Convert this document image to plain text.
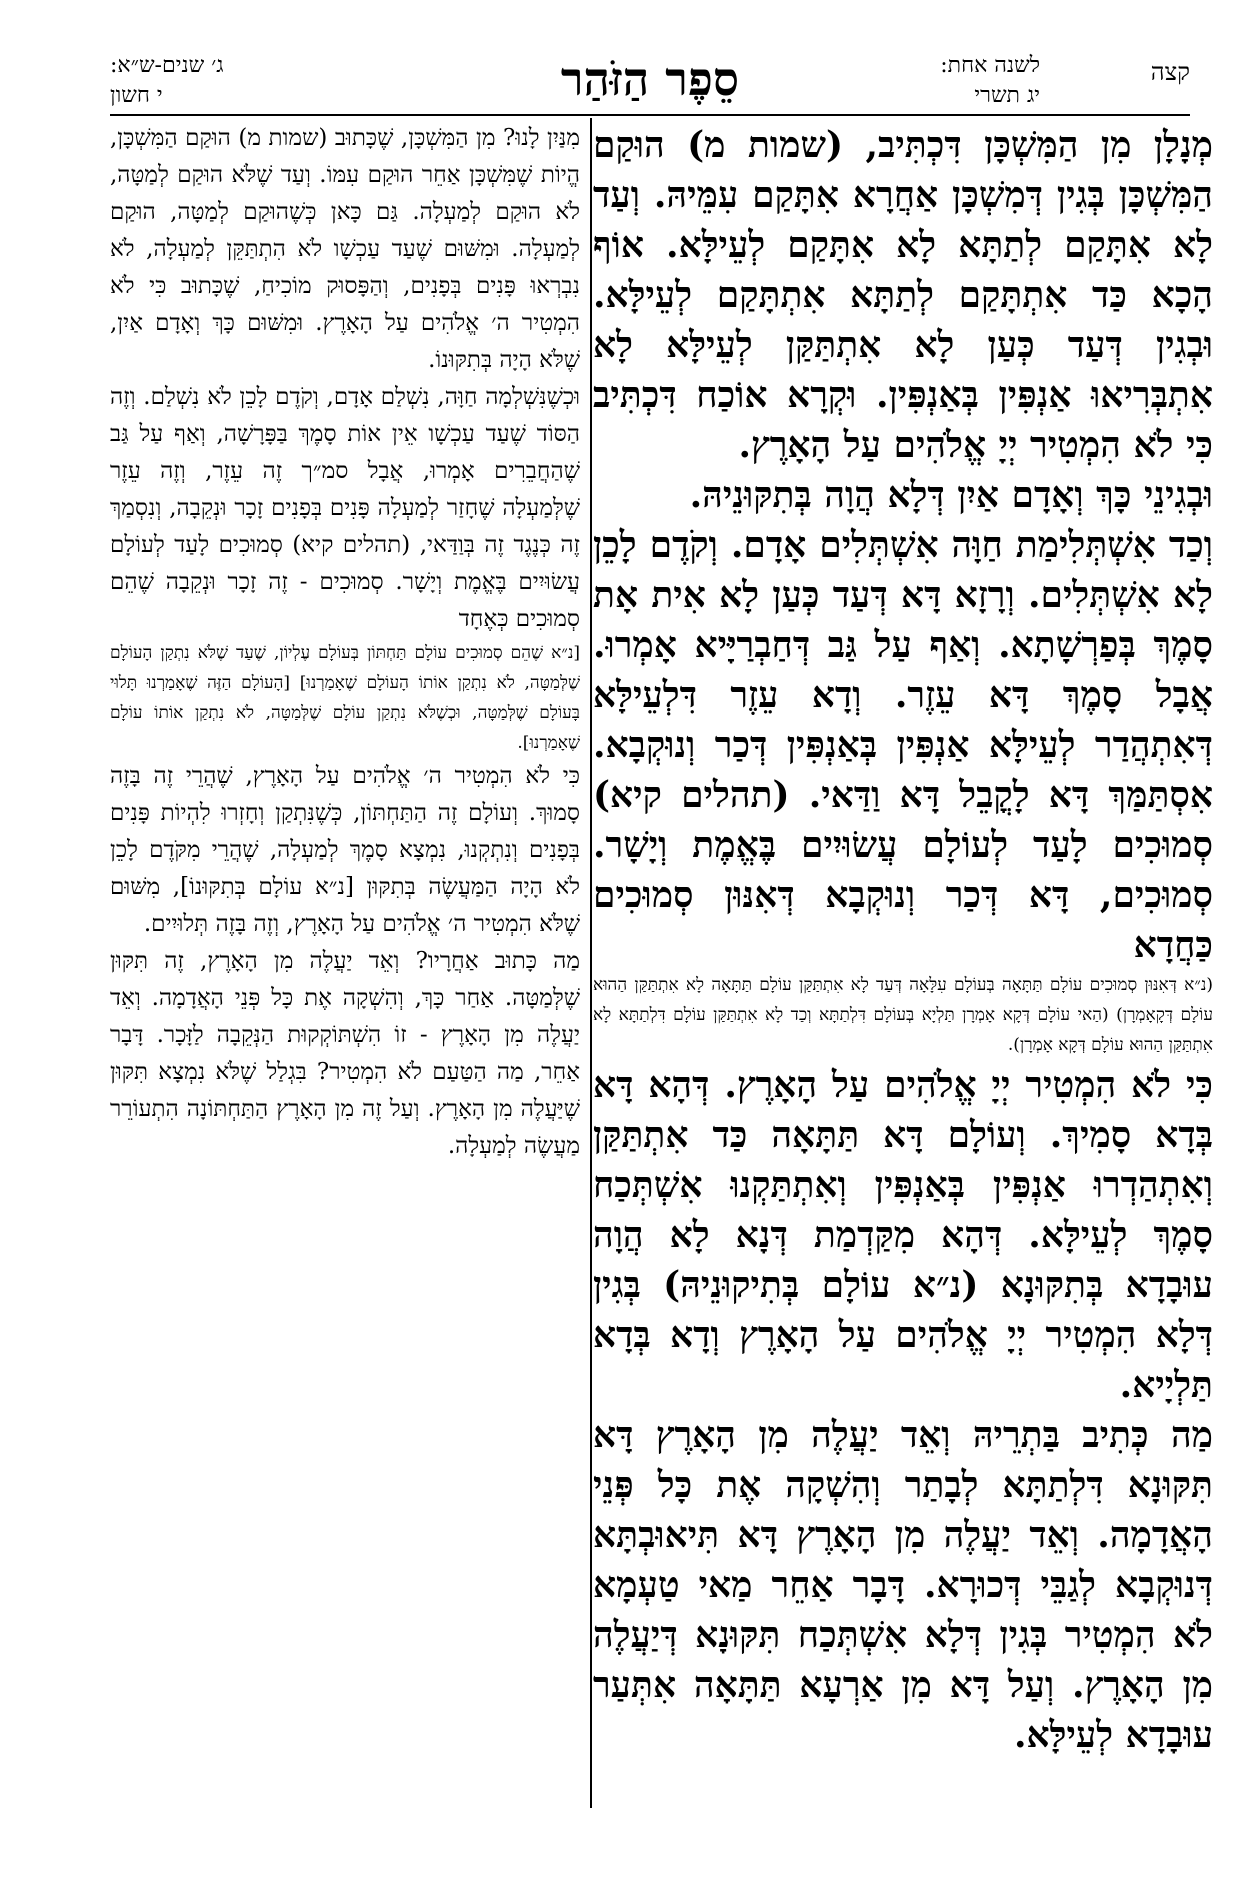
קצה
לשנה אחת:
יג תשרי
סֵפֶר הַזֹּהַר
ג׳ שנים-ש״א:
י חשון

מְנָלָן מִן הַמִּשְׁכָּן דִּכְתִּיב, (שמות מ) הוּקַם הַמִּשְׁכָּן בְּגִין דְּמִשְׁכָּן אַחֲרָא אִתָּקַם עִמֵּיהּ. וְעַד לָא אִתָּקַם לְתַתָּא לָא אִתָּקַם לְעֵילָּא. אוֹף הָכָא כַּד אִתְתָּקַם לְתַתָּא אִתְתָּקַם לְעֵילָּא. וּבְגִין דְּעַד כְּעַן לָא אִתְתַּקַּן לְעֵילָּא לָא אִתְבְּרִיאוּ אַנְפִּין בְּאַנְפִּין. וּקְרָא אוֹכַח דִּכְתִּיב כִּי לֹא הִמְטִיר יְיָ אֱלֹהִים עַל הָאָרֶץ.

וּבְגִינֵי כָּךְ וְאָדָם אַיִן דְּלָא הֲוָה בְּתִקּוּנֵיהּ.

וְכַד אִשְׁתְּלִימַת חַוָּה אִשְׁתְּלִים אָדָם. וְקֹדֶם לָכֵן לָא אִשְׁתְּלִים. וְרָזָא דָּא דְּעַד כְּעַן לָא אִית אָת סָמֶךְ בְּפַרְשָׁתָא. וְאַף עַל גַּב דְּחַבְרַיָּיא אָמְרוּ. אֲבָל סָמֶךְ דָּא עֵזֶר. וְדָא עֵזֶר דִּלְעֵילָּא דְּאִתְהֲדַר לְעֵילָּא אַנְפִּין בְּאַנְפִּין דְּכַר וְנוּקְבָא. אִסְתַּמַּךְ דָּא לָקֳבֵל דָּא וַדַּאי. (תהלים קיא) סְמוּכִים לָעַד לְעוֹלָם עֲשׂוּיִים בֶּאֱמֶת וְיָשָׁר. סְמוּכִים, דָּא דְּכַר וְנוּקְבָא דְּאִנּוּן סְמוּכִים כַּחֲדָא

(נ״א דְּאִנּוּן סְמוּכִים עוֹלָם תַּתָּאָה בְּעוֹלָם עִלָּאָה דְּעַד לָא אִתְתַּקַּן עוֹלָם תַּתָּאָה לָא אִתְתַּקַּן הַהוּא עוֹלָם דְּקָאָמְרָן) (הַאי עוֹלָם דְּקָא אָמְרָן תַּלְיָא בְּעוֹלָם דִּלְתַתָּא וְכַד לָא אִתְתַּקַּן עוֹלָם דִּלְתַתָּא לָא אִתְתַּקַּן הַהוּא עוֹלָם דְּקָא אָמְרָן).

כִּי לֹא הִמְטִיר יְיָ אֱלֹהִים עַל הָאָרֶץ. דְּהָא דָּא בְּדָא סָמִיךְ. וְעוֹלָם דָּא תַּתָּאָה כַּד אִתְתַּקַּן וְאִתְהַדְרוּ אַנְפִּין בְּאַנְפִּין וְאִתְתַּקְנוּ אִשְׁתְּכַח סָמֶךְ לְעֵילָּא. דְּהָא מִקַּדְמַת דְּנָא לָא הֲוָה עוּבָדָא בְּתִקּוּנָא (נ״א עוֹלָם בְּתִיקוּנֵיהּ) בְּגִין דְּלָא הִמְטִיר יְיָ אֱלֹהִים עַל הָאָרֶץ וְדָא בְּדָא תַּלְיָיא.

מַה כְּתִיב בַּתְרֵיהּ וְאֵד יַעֲלֶה מִן הָאָרֶץ דָּא תִּקּוּנָא דִּלְתַתָּא לְבָתַר וְהִשְׁקָה אֶת כָּל פְּנֵי הָאֲדָמָה. וְאֵד יַעֲלֶה מִן הָאָרֶץ דָּא תִּיאוּבְתָּא דְּנוּקְבָא לְגַבֵּי דְּכוּרָא. דָּבָר אַחֵר מַאי טַעְמָא לֹא הִמְטִיר בְּגִין דְּלָא אִשְׁתְּכַח תִּקּוּנָא דְּיַעֲלֶה מִן הָאָרֶץ. וְעַל דָּא מִן אַרְעָא תַּתָּאָה אִתְּעַר עוּבָדָא לְעֵילָּא.

מִנַּיִן לָנוּ? מִן הַמִּשְׁכָּן, שֶׁכָּתוּב (שמות מ) הוּקַם הַמִּשְׁכָּן, הֱיוֹת שֶׁמִּשְׁכָּן אַחֵר הוּקַם עִמּוֹ. וְעַד שֶׁלֹּא הוּקַם לְמַטָּה, לֹא הוּקַם לְמַעְלָה. גַּם כָּאן כְּשֶׁהוּקַם לְמַטָּה, הוּקַם לְמַעְלָה. וּמִשּׁוּם שֶׁעַד עַכְשָׁו לֹא הִתְתַּקֵּן לְמַעְלָה, לֹא נִבְרְאוּ פָּנִים בְּפָנִים, וְהַפָּסוּק מוֹכִיחַ, שֶׁכָּתוּב כִּי לֹא הִמְטִיר ה׳ אֱלֹהִים עַל הָאָרֶץ. וּמִשּׁוּם כָּךְ וְאָדָם אַיִן, שֶׁלֹּא הָיָה בְּתִקּוּנוֹ.

וּכְשֶׁנִּשְׁלְמָה חַוָּה, נִשְׁלַם אָדָם, וְקֹדֶם לָכֵן לֹא נִשְׁלַם. וְזֶה הַסּוֹד שֶׁעַד עַכְשָׁו אֵין אוֹת סָמֶךְ בַּפָּרָשָׁה, וְאַף עַל גַּב שֶׁהַחֲבֵרִים אָמְרוּ, אֲבָל סמ״ך זֶה עֵזֶר, וְזֶה עֵזֶר שֶׁלְּמַעְלָה שֶׁחָזַר לְמַעְלָה פָּנִים בְּפָנִים זָכָר וּנְקֵבָה, וְנִסְמַךְ זֶה כְּנֶגֶד זֶה בְּוַדַּאי, (תהלים קיא) סְמוּכִים לָעַד לְעוֹלָם עֲשׂוּיִים בֶּאֱמֶת וְיָשָׁר. סְמוּכִים - זֶה זָכָר וּנְקֵבָה שֶׁהֵם סְמוּכִים כְּאֶחָד

[נ״א שֶׁהֵם סְמוּכִים עוֹלָם תַּחְתּוֹן בְּעוֹלָם עֶלְיוֹן, שֶׁעַד שֶׁלֹּא נִתְקַן הָעוֹלָם שֶׁלְּמַטָּה, לֹא נִתְקַן אוֹתוֹ הָעוֹלָם שֶׁאָמַרְנוּ] [הָעוֹלָם הַזֶּה שֶׁאָמַרְנוּ תָּלוּי בָּעוֹלָם שֶׁלְּמַטָּה, וּכְשֶׁלֹּא נִתְקַן עוֹלָם שֶׁלְּמַטָּה, לֹא נִתְקַן אוֹתוֹ עוֹלָם שֶׁאָמַרְנוּ].

כִּי לֹא הִמְטִיר ה׳ אֱלֹהִים עַל הָאָרֶץ, שֶׁהֲרֵי זֶה בָּזֶה סָמוּךְ. וְעוֹלָם זֶה הַתַּחְתּוֹן, כְּשֶׁנִּתְקַן וְחָזְרוּ לִהְיוֹת פָּנִים בְּפָנִים וְנִתְקְנוּ, נִמְצָא סָמֶךְ לְמַעְלָה, שֶׁהֲרֵי מִקֹּדֶם לָכֵן לֹא הָיָה הַמַּעֲשֶׂה בְּתִקּוּן [נ״א עוֹלָם בְּתִקּוּנוֹ], מִשּׁוּם שֶׁלֹּא הִמְטִיר ה׳ אֱלֹהִים עַל הָאָרֶץ, וְזֶה בָּזֶה תְּלוּיִים.

מַה כָּתוּב אַחֲרָיו? וְאֵד יַעֲלֶה מִן הָאָרֶץ, זֶה תִּקּוּן שֶׁלְּמַטָּה. אַחַר כָּךְ, וְהִשְׁקָה אֶת כָּל פְּנֵי הָאֲדָמָה. וְאֵד יַעֲלֶה מִן הָאָרֶץ - זוֹ הִשְׁתּוֹקְקוּת הַנְּקֵבָה לַזָּכָר. דָּבָר אַחֵר, מַה הַטַּעַם לֹא הִמְטִיר? בִּגְלַל שֶׁלֹּא נִמְצָא תִּקּוּן שֶׁיַּעֲלֶה מִן הָאָרֶץ. וְעַל זֶה מִן הָאָרֶץ הַתַּחְתּוֹנָה הִתְעוֹרֵר מַעֲשֶׂה לְמַעְלָה.
